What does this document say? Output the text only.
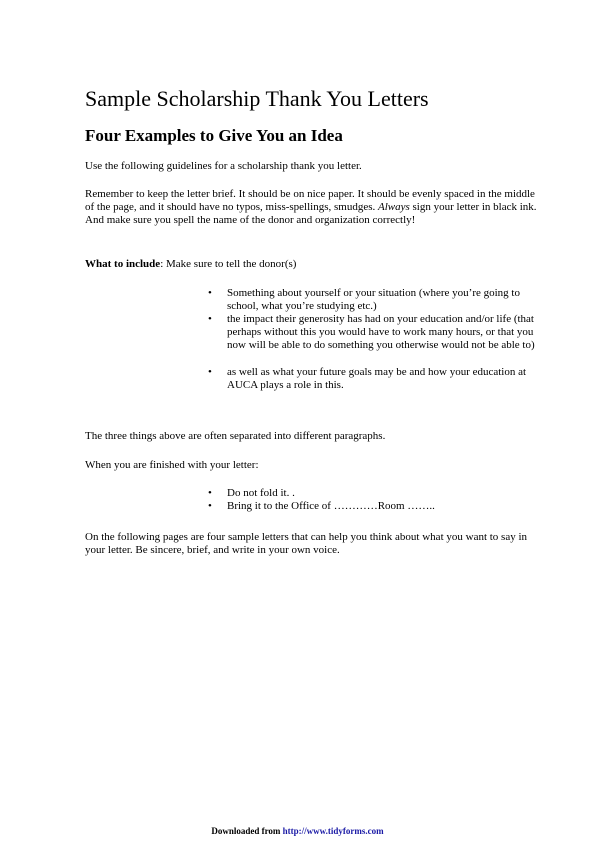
Sample Scholarship Thank You Letters
Four Examples to Give You an Idea

Use the following guidelines for a scholarship thank you letter.

Remember to keep the letter brief. It should be on nice paper. It should be evenly spaced in the middle of the page, and it should have no typos, miss-spellings, smudges. Always sign your letter in black ink. And make sure you spell the name of the donor and organization correctly!

What to include: Make sure to tell the donor(s)

• Something about yourself or your situation (where you’re going to school, what you’re studying etc.)
• the impact their generosity has had on your education and/or life (that perhaps without this you would have to work many hours, or that you now will be able to do something you otherwise would not be able to)
• as well as what your future goals may be and how your education at AUCA plays a role in this.

The three things above are often separated into different paragraphs.

When you are finished with your letter:

• Do not fold it. .
• Bring it to the Office of …………Room ……..

On the following pages are four sample letters that can help you think about what you want to say in your letter. Be sincere, brief, and write in your own voice.

Downloaded from http://www.tidyforms.com
